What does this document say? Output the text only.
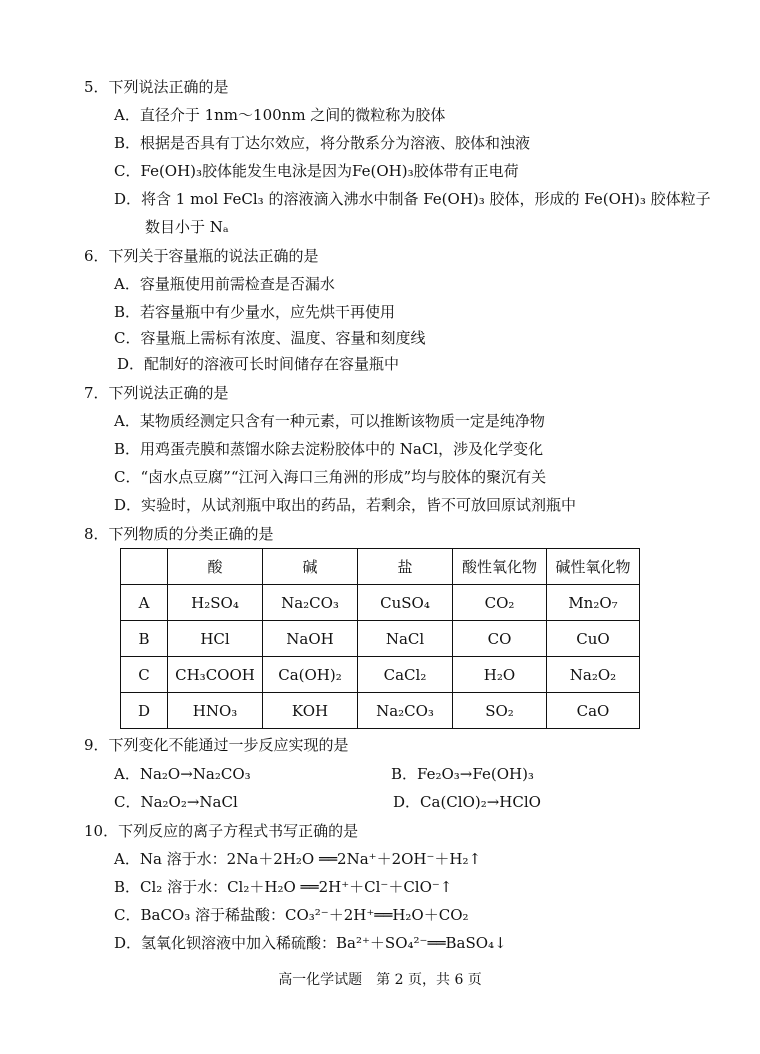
5．下列说法正确的是
A．直径介于 1nm～100nm 之间的微粒称为胶体
B．根据是否具有丁达尔效应，将分散系分为溶液、胶体和浊液
C．Fe(OH)₃胶体能发生电泳是因为Fe(OH)₃胶体带有正电荷
D．将含 1 mol FeCl₃ 的溶液滴入沸水中制备 Fe(OH)₃ 胶体，形成的 Fe(OH)₃ 胶体粒子
数目小于 Nₐ
6．下列关于容量瓶的说法正确的是
A．容量瓶使用前需检查是否漏水
B．若容量瓶中有少量水，应先烘干再使用
C．容量瓶上需标有浓度、温度、容量和刻度线
D．配制好的溶液可长时间储存在容量瓶中
7．下列说法正确的是
A．某物质经测定只含有一种元素，可以推断该物质一定是纯净物
B．用鸡蛋壳膜和蒸馏水除去淀粉胶体中的 NaCl，涉及化学变化
C．“卤水点豆腐”“江河入海口三角洲的形成”均与胶体的聚沉有关
D．实验时，从试剂瓶中取出的药品，若剩余，皆不可放回原试剂瓶中
8．下列物质的分类正确的是
	酸	碱	盐	酸性氧化物	碱性氧化物
A	H₂SO₄	Na₂CO₃	CuSO₄	CO₂	Mn₂O₇
B	HCl	NaOH	NaCl	CO	CuO
C	CH₃COOH	Ca(OH)₂	CaCl₂	H₂O	Na₂O₂
D	HNO₃	KOH	Na₂CO₃	SO₂	CaO
9．下列变化不能通过一步反应实现的是
A．Na₂O→Na₂CO₃	B．Fe₂O₃→Fe(OH)₃
C．Na₂O₂→NaCl	D．Ca(ClO)₂→HClO
10．下列反应的离子方程式书写正确的是
A．Na 溶于水：2Na＋2H₂O ══2Na⁺＋2OH⁻＋H₂↑
B．Cl₂ 溶于水：Cl₂＋H₂O ══2H⁺＋Cl⁻＋ClO⁻↑
C．BaCO₃ 溶于稀盐酸：CO₃²⁻＋2H⁺══H₂O＋CO₂
D．氢氧化钡溶液中加入稀硫酸：Ba²⁺＋SO₄²⁻══BaSO₄↓
高一化学试题　第 2 页，共 6 页
